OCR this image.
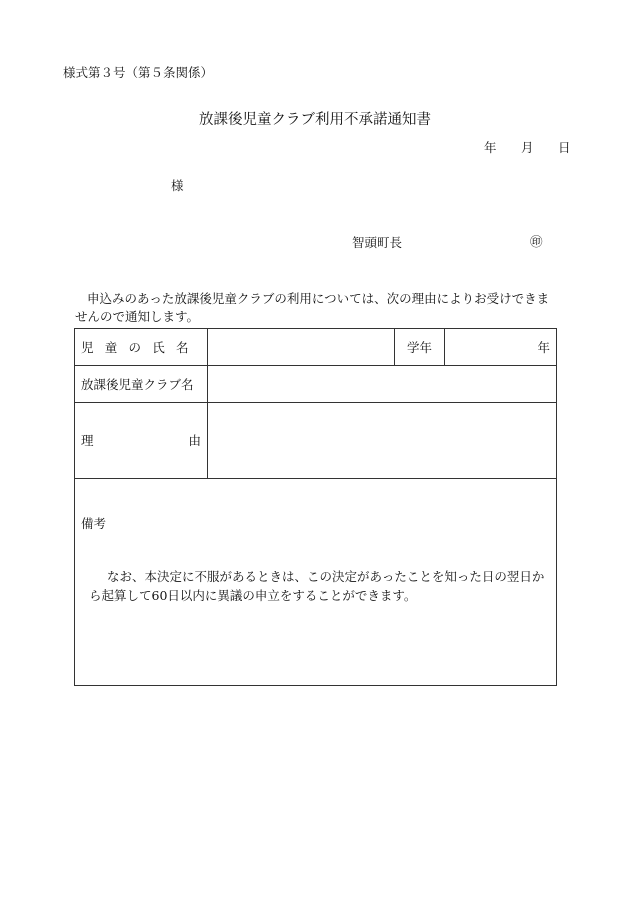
様式第３号（第５条関係）
放課後児童クラブ利用不承諾通知書
年 月 日
様
智頭町長	㊞
申込みのあった放課後児童クラブの利用については、次の理由によりお受けできませんので通知します。
児童の氏名		学年	年
放課後児童クラブ名			

理 由			

備考
なお、本決定に不服があるときは、この決定があったことを知った日の翌日から起算して60日以内に異議の申立をすることができます。			
